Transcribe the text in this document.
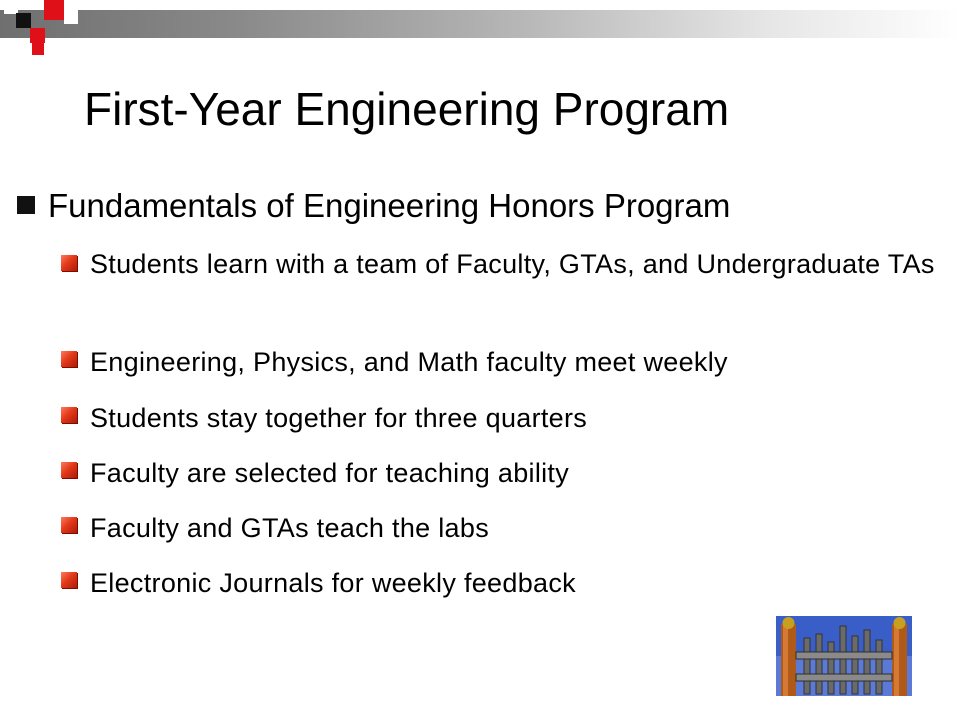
First-Year Engineering Program
Fundamentals of Engineering Honors Program
Students learn with a team of Faculty, GTAs, and Undergraduate TAs
Engineering, Physics, and Math faculty meet weekly
Students stay together for three quarters
Faculty are selected for teaching ability
Faculty and GTAs teach the labs
Electronic Journals for weekly feedback
